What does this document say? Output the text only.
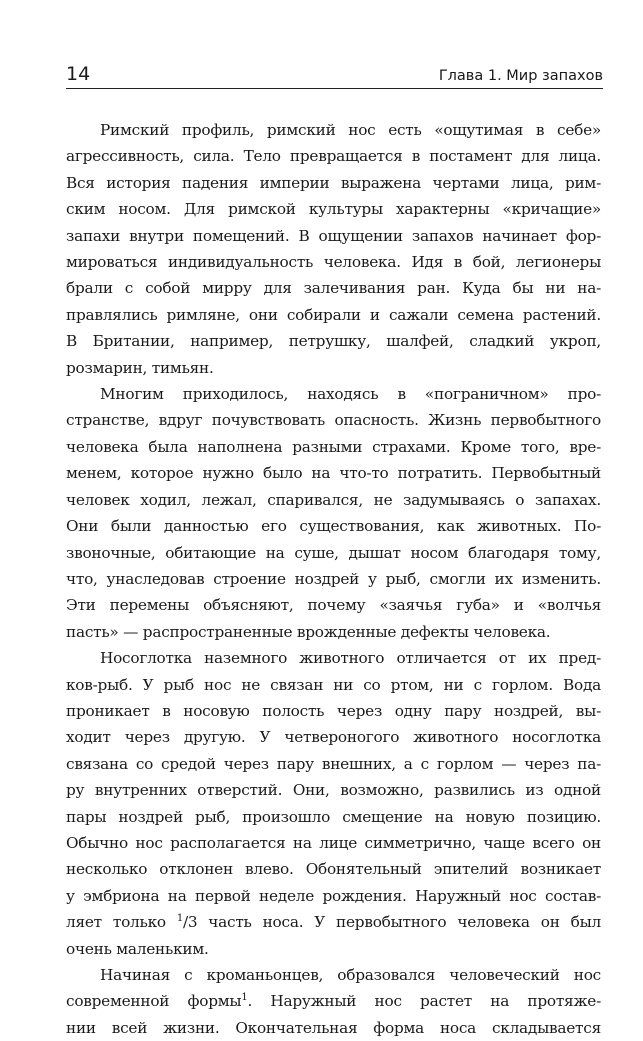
14	Глава 1. Мир запахов

Римский профиль, римский нос есть «ощутимая в себе»
агрессивность, сила. Тело превращается в постамент для лица.
Вся история падения империи выражена чертами лица, рим-
ским носом. Для римской культуры характерны «кричащие»
запахи внутри помещений. В ощущении запахов начинает фор-
мироваться индивидуальность человека. Идя в бой, легионеры
брали с собой мирру для залечивания ран. Куда бы ни на-
правлялись римляне, они собирали и сажали семена растений.
В Британии, например, петрушку, шалфей, сладкий укроп,
розмарин, тимьян.

Многим приходилось, находясь в «пограничном» про-
странстве, вдруг почувствовать опасность. Жизнь первобытного
человека была наполнена разными страхами. Кроме того, вре-
менем, которое нужно было на что-то потратить. Первобытный
человек ходил, лежал, спаривался, не задумываясь о запахах.
Они были данностью его существования, как животных. По-
звоночные, обитающие на суше, дышат носом благодаря тому,
что, унаследовав строение ноздрей у рыб, смогли их изменить.
Эти перемены объясняют, почему «заячья губа» и «волчья
пасть» — распространенные врожденные дефекты человека.

Носоглотка наземного животного отличается от их пред-
ков-рыб. У рыб нос не связан ни со ртом, ни с горлом. Вода
проникает в носовую полость через одну пару ноздрей, вы-
ходит через другую. У четвероногого животного носоглотка
связана со средой через пару внешних, а с горлом — через па-
ру внутренних отверстий. Они, возможно, развились из одной
пары ноздрей рыб, произошло смещение на новую позицию.
Обычно нос располагается на лице симметрично, чаще всего он
несколько отклонен влево. Обонятельный эпителий возникает
у эмбриона на первой неделе рождения. Наружный нос состав-
ляет только $^1$/3 часть носа. У первобытного человека он был
очень маленьким.

Начиная с кроманьонцев, образовался человеческий нос
современной формы$^1$. Наружный нос растет на протяже-
нии всей жизни. Окончательная форма носа складывается
